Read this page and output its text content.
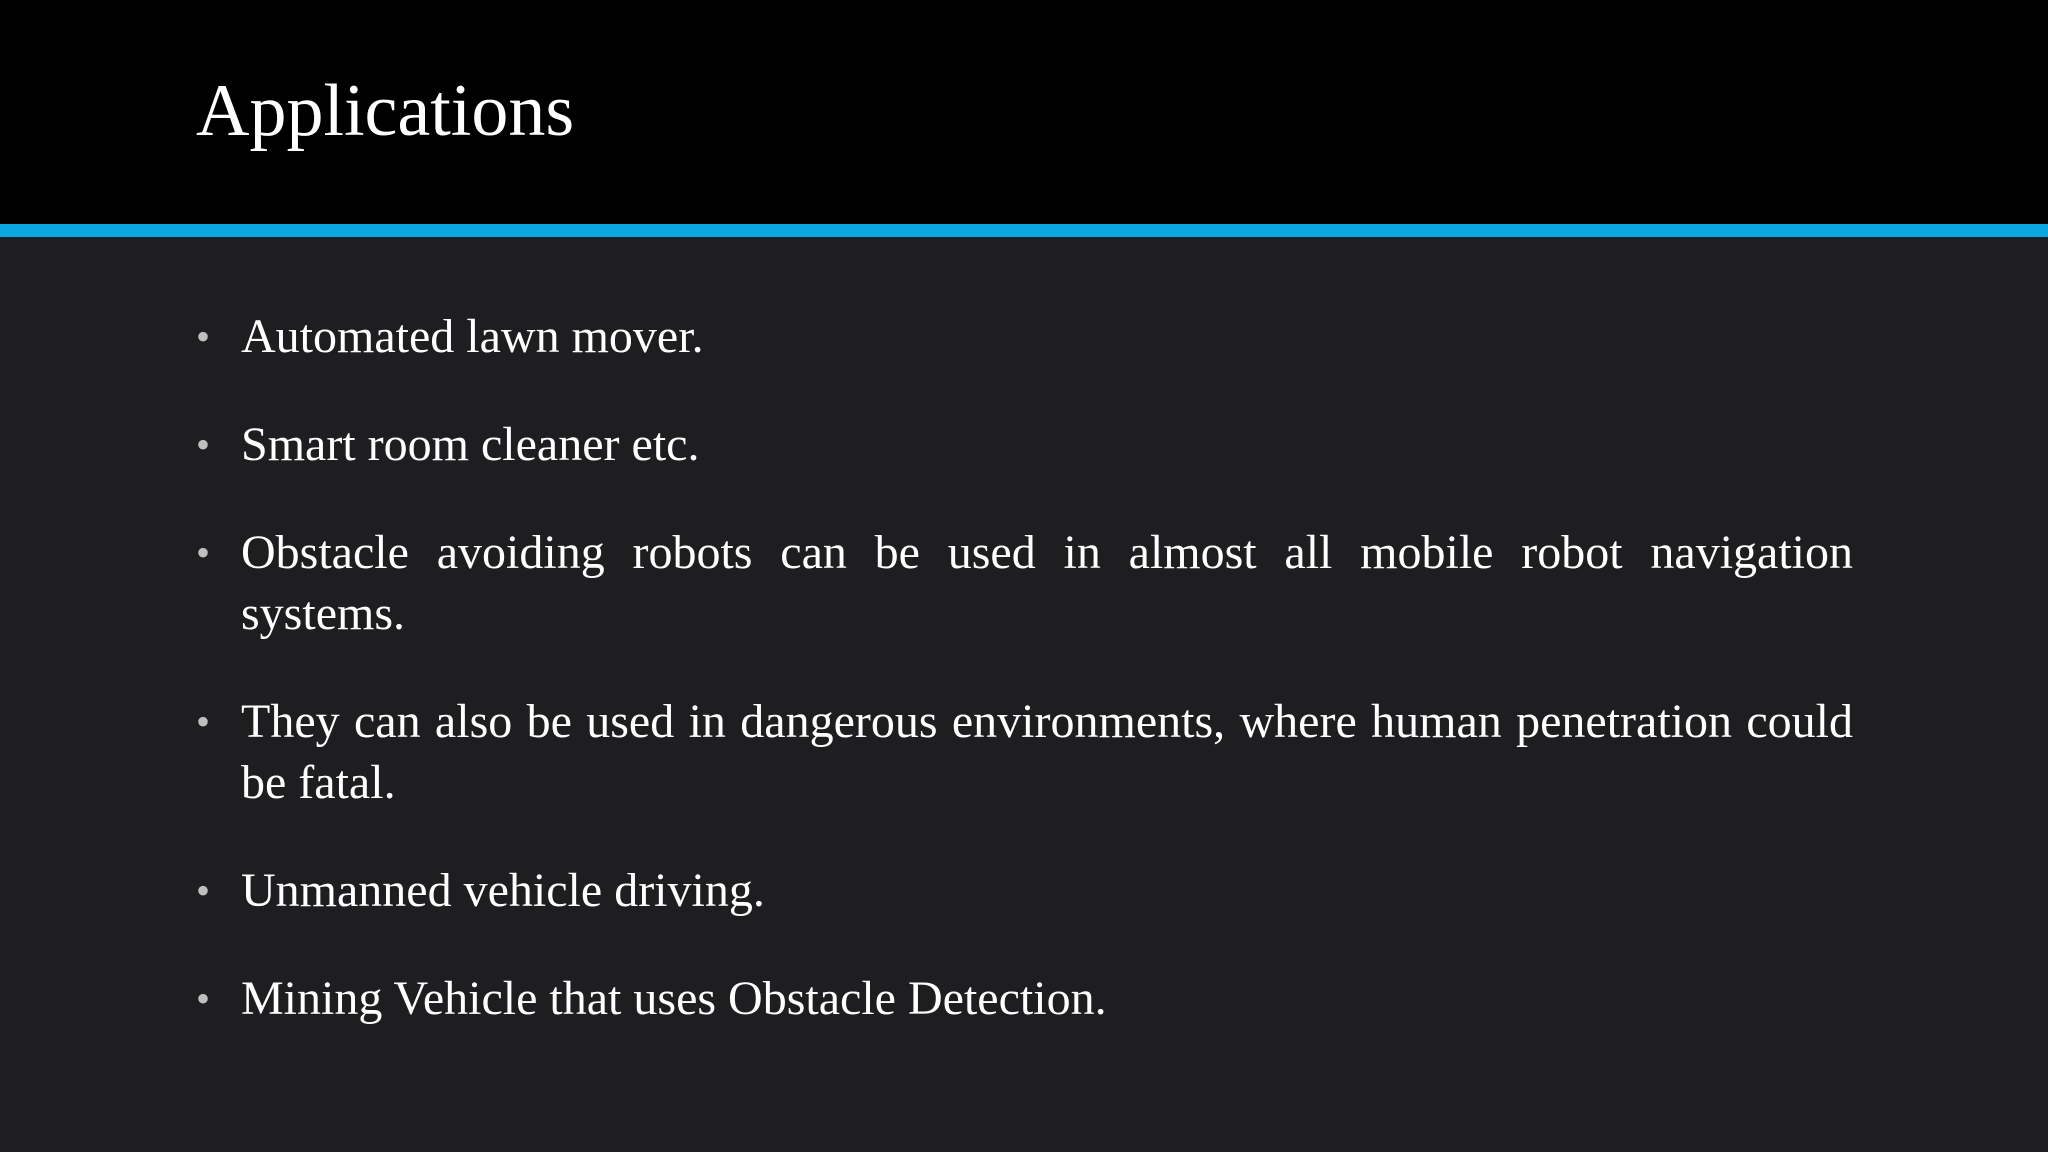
Applications
• Automated lawn mover.
• Smart room cleaner etc.
• Obstacle avoiding robots can be used in almost all mobile robot navigation systems.
• They can also be used in dangerous environments, where human penetration could be fatal.
• Unmanned vehicle driving.
• Mining Vehicle that uses Obstacle Detection.
